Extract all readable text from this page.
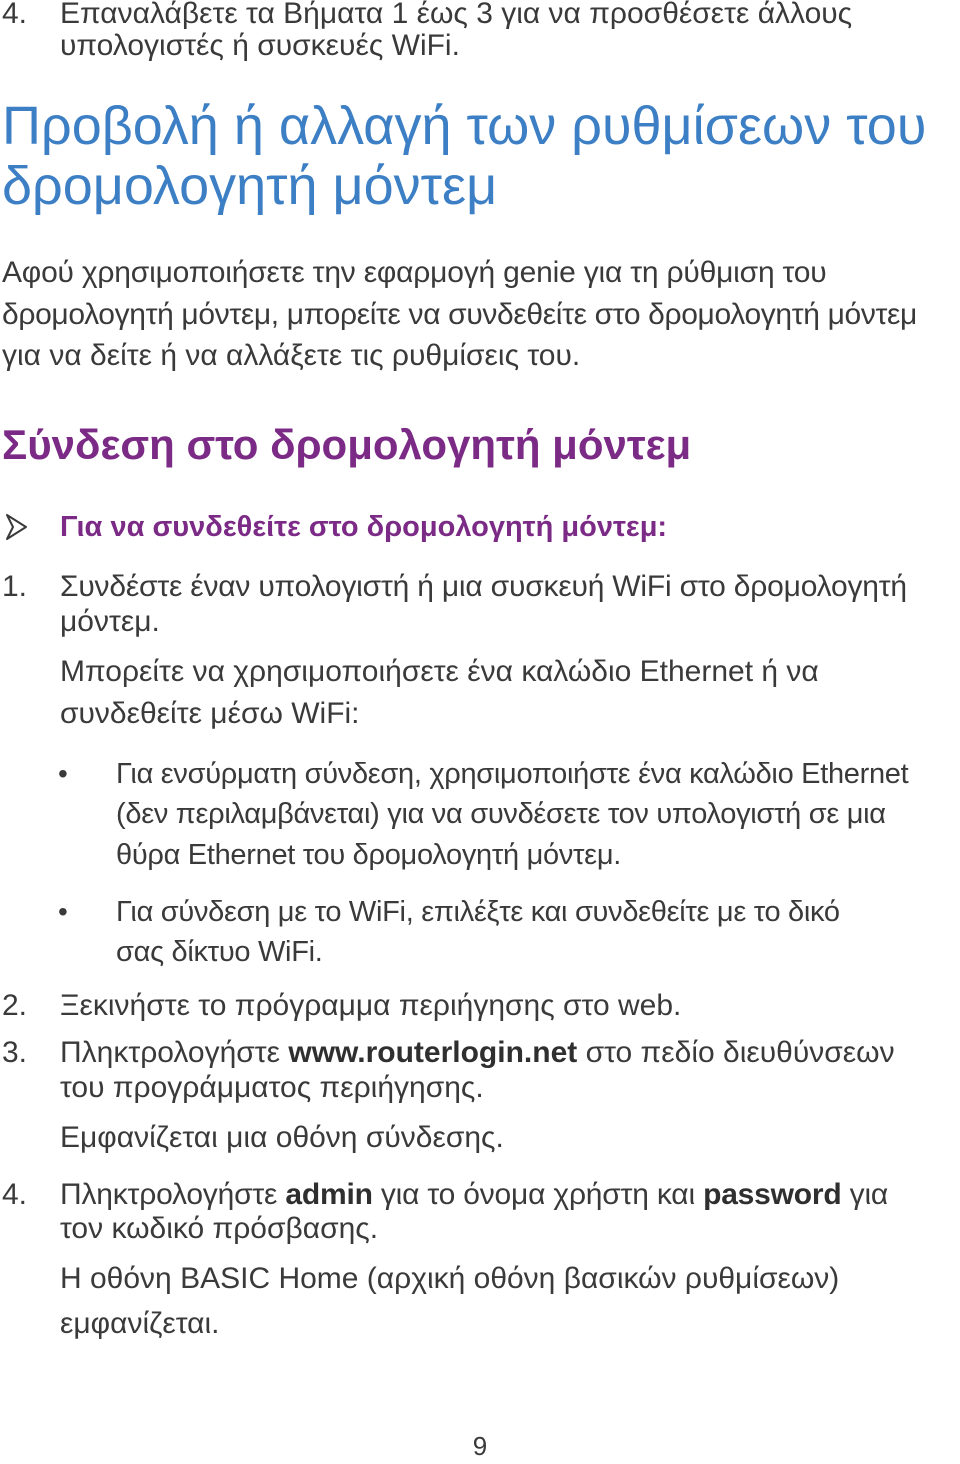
4. Επαναλάβετε τα Βήματα 1 έως 3 για να προσθέσετε άλλους

υπολογιστές ή συσκευές WiFi.

Προβολή ή αλλαγή των ρυθμίσεων του δρομολογητή μόντεμ

Αφού χρησιμοποιήσετε την εφαρμογή genie για τη ρύθμιση του

δρομολογητή μόντεμ, μπορείτε να συνδεθείτε στο δρομολογητή μόντεμ

για να δείτε ή να αλλάξετε τις ρυθμίσεις του.

Σύνδεση στο δρομολογητή μόντεμ

Για να συνδεθείτε στο δρομολογητή μόντεμ:

1. Συνδέστε έναν υπολογιστή ή μια συσκευή WiFi στο δρομολογητή

μόντεμ.

Μπορείτε να χρησιμοποιήσετε ένα καλώδιο Ethernet ή να

συνδεθείτε μέσω WiFi:

• Για ενσύρματη σύνδεση, χρησιμοποιήστε ένα καλώδιο Ethernet

(δεν περιλαμβάνεται) για να συνδέσετε τον υπολογιστή σε μια

θύρα Ethernet του δρομολογητή μόντεμ.

• Για σύνδεση με το WiFi, επιλέξτε και συνδεθείτε με το δικό

σας δίκτυο WiFi.

2. Ξεκινήστε το πρόγραμμα περιήγησης στο web.

3. Πληκτρολογήστε www.routerlogin.net στο πεδίο διευθύνσεων

του προγράμματος περιήγησης.

Εμφανίζεται μια οθόνη σύνδεσης.

4. Πληκτρολογήστε admin για το όνομα χρήστη και password για

τον κωδικό πρόσβασης.

Η οθόνη BASIC Home (αρχική οθόνη βασικών ρυθμίσεων)

εμφανίζεται.

9
